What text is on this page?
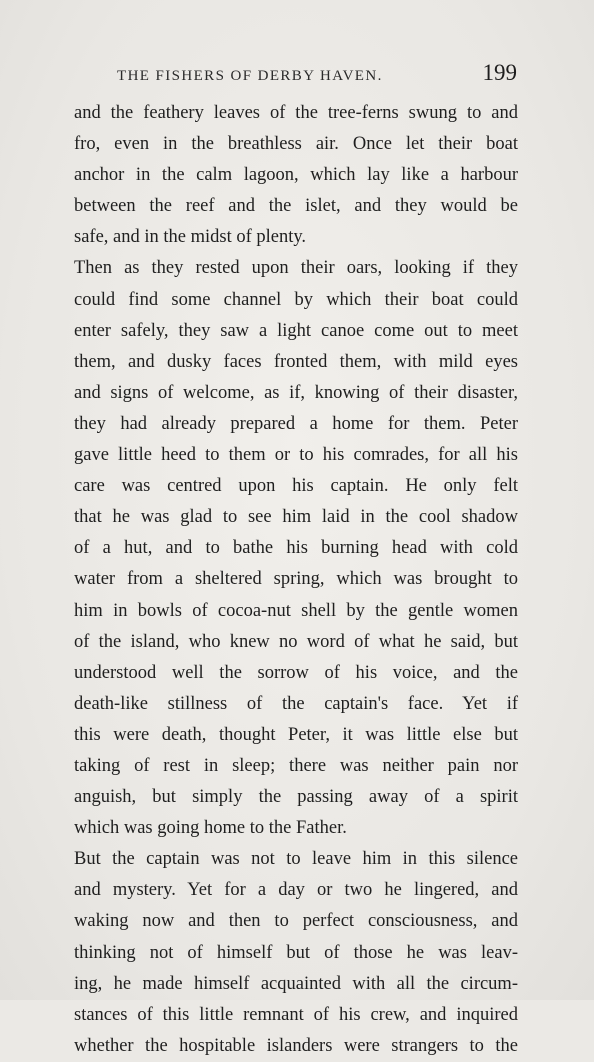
THE FISHERS OF DERBY HAVEN.	199
and the feathery leaves of the tree-ferns swung to and
fro, even in the breathless air. Once let their boat
anchor in the calm lagoon, which lay like a harbour
between the reef and the islet, and they would be
safe, and in the midst of plenty.
Then as they rested upon their oars, looking if they
could find some channel by which their boat could
enter safely, they saw a light canoe come out to meet
them, and dusky faces fronted them, with mild eyes
and signs of welcome, as if, knowing of their disaster,
they had already prepared a home for them. Peter
gave little heed to them or to his comrades, for all his
care was centred upon his captain. He only felt
that he was glad to see him laid in the cool shadow
of a hut, and to bathe his burning head with cold
water from a sheltered spring, which was brought to
him in bowls of cocoa-nut shell by the gentle women
of the island, who knew no word of what he said, but
understood well the sorrow of his voice, and the
death-like stillness of the captain's face. Yet if
this were death, thought Peter, it was little else but
taking of rest in sleep; there was neither pain nor
anguish, but simply the passing away of a spirit
which was going home to the Father.
But the captain was not to leave him in this silence
and mystery. Yet for a day or two he lingered, and
waking now and then to perfect consciousness, and
thinking not of himself but of those he was leav-
ing, he made himself acquainted with all the circum-
stances of this little remnant of his crew, and inquired
whether the hospitable islanders were strangers to the
